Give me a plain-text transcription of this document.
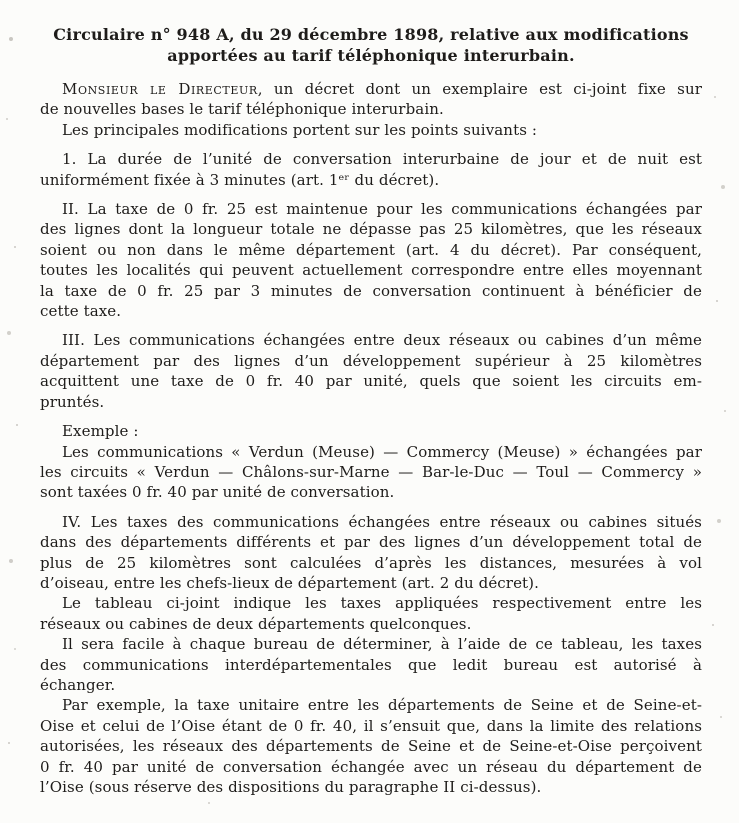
Circulaire n° 948 A, du 29 décembre 1898, relative aux modifications
apportées au tarif téléphonique interurbain.
Monsieur le Directeur, un décret dont un exemplaire est ci-joint fixe sur
de nouvelles bases le tarif téléphonique interurbain.
Les principales modifications portent sur les points suivants :
1. La durée de l’unité de conversation interurbaine de jour et de nuit est
uniformément fixée à 3 minutes (art. 1ᵉʳ du décret).
II. La taxe de 0 fr. 25 est maintenue pour les communications échangées par
des lignes dont la longueur totale ne dépasse pas 25 kilomètres, que les réseaux
soient ou non dans le même département (art. 4 du décret). Par conséquent,
toutes les localités qui peuvent actuellement correspondre entre elles moyennant
la taxe de 0 fr. 25 par 3 minutes de conversation continuent à bénéficier de
cette taxe.
III. Les communications échangées entre deux réseaux ou cabines d’un même
département par des lignes d’un développement supérieur à 25 kilomètres
acquittent une taxe de 0 fr. 40 par unité, quels que soient les circuits em-
pruntés.
Exemple :
Les communications « Verdun (Meuse) — Commercy (Meuse) » échangées par
les circuits « Verdun — Châlons-sur-Marne — Bar-le-Duc — Toul — Commercy »
sont taxées 0 fr. 40 par unité de conversation.
IV. Les taxes des communications échangées entre réseaux ou cabines situés
dans des départements différents et par des lignes d’un développement total de
plus de 25 kilomètres sont calculées d’après les distances, mesurées à vol
d’oiseau, entre les chefs-lieux de département (art. 2 du décret).
Le tableau ci-joint indique les taxes appliquées respectivement entre les
réseaux ou cabines de deux départements quelconques.
Il sera facile à chaque bureau de déterminer, à l’aide de ce tableau, les taxes
des communications interdépartementales que ledit bureau est autorisé à
échanger.
Par exemple, la taxe unitaire entre les départements de Seine et de Seine-et-
Oise et celui de l’Oise étant de 0 fr. 40, il s’ensuit que, dans la limite des relations
autorisées, les réseaux des départements de Seine et de Seine-et-Oise perçoivent
0 fr. 40 par unité de conversation échangée avec un réseau du département de
l’Oise (sous réserve des dispositions du paragraphe II ci-dessus).
